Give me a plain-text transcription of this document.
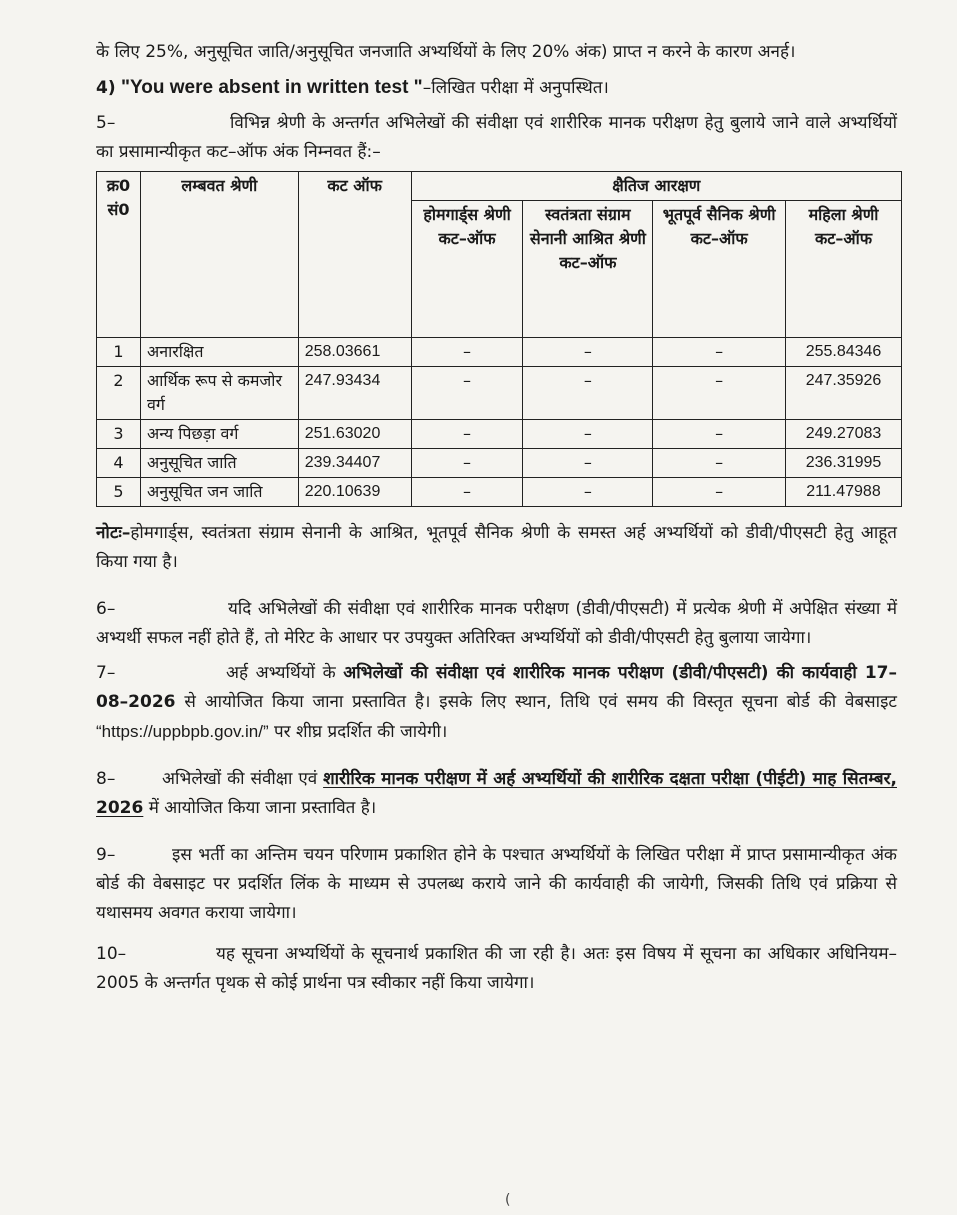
के लिए 25%, अनुसूचित जाति/अनुसूचित जनजाति अभ्यर्थियों के लिए 20% अंक) प्राप्त न करने के कारण अनर्ह।

4) "You were absent in written test "–लिखित परीक्षा में अनुपस्थित।

5–	विभिन्न श्रेणी के अन्तर्गत अभिलेखों की संवीक्षा एवं शारीरिक मानक परीक्षण हेतु बुलाये जाने वाले अभ्यर्थियों का प्रसामान्यीकृत कट–ऑफ अंक निम्नवत हैं:–

क्र0 सं0	लम्बवत श्रेणी	कट ऑफ	क्षैतिज आरक्षण			
			होमगार्ड्स श्रेणी कट–ऑफ	स्वतंत्रता संग्राम सेनानी आश्रित श्रेणी कट–ऑफ	भूतपूर्व सैनिक श्रेणी कट–ऑफ	महिला श्रेणी कट–ऑफ
1	अनारक्षित	258.03661	–	–	–	255.84346
2	आर्थिक रूप से कमजोर वर्ग	247.93434	–	–	–	247.35926
3	अन्य पिछड़ा वर्ग	251.63020	–	–	–	249.27083
4	अनुसूचित जाति	239.34407	–	–	–	236.31995
5	अनुसूचित जन जाति	220.10639	–	–	–	211.47988

नोटः–होमगार्ड्स, स्वतंत्रता संग्राम सेनानी के आश्रित, भूतपूर्व सैनिक श्रेणी के समस्त अर्ह अभ्यर्थियों को डीवी/पीएसटी हेतु आहूत किया गया है।

6–	यदि अभिलेखों की संवीक्षा एवं शारीरिक मानक परीक्षण (डीवी/पीएसटी) में प्रत्येक श्रेणी में अपेक्षित संख्या में अभ्यर्थी सफल नहीं होते हैं, तो मेरिट के आधार पर उपयुक्त अतिरिक्त अभ्यर्थियों को डीवी/पीएसटी हेतु बुलाया जायेगा।

7–	अर्ह अभ्यर्थियों के अभिलेखों की संवीक्षा एवं शारीरिक मानक परीक्षण (डीवी/पीएसटी) की कार्यवाही 17–08–2026 से आयोजित किया जाना प्रस्तावित है। इसके लिए स्थान, तिथि एवं समय की विस्तृत सूचना बोर्ड की वेबसाइट “https://uppbpb.gov.in/” पर शीघ्र प्रदर्शित की जायेगी।

8–	अभिलेखों की संवीक्षा एवं शारीरिक मानक परीक्षण में अर्ह अभ्यर्थियों की शारीरिक दक्षता परीक्षा (पीईटी) माह सितम्बर, 2026 में आयोजित किया जाना प्रस्तावित है।

9–	इस भर्ती का अन्तिम चयन परिणाम प्रकाशित होने के पश्चात अभ्यर्थियों के लिखित परीक्षा में प्राप्त प्रसामान्यीकृत अंक बोर्ड की वेबसाइट पर प्रदर्शित लिंक के माध्यम से उपलब्ध कराये जाने की कार्यवाही की जायेगी, जिसकी तिथि एवं प्रक्रिया से यथासमय अवगत कराया जायेगा।

10–	यह सूचना अभ्यर्थियों के सूचनार्थ प्रकाशित की जा रही है। अतः इस विषय में सूचना का अधिकार अधिनियम–2005 के अन्तर्गत पृथक से कोई प्रार्थना पत्र स्वीकार नहीं किया जायेगा।

(
